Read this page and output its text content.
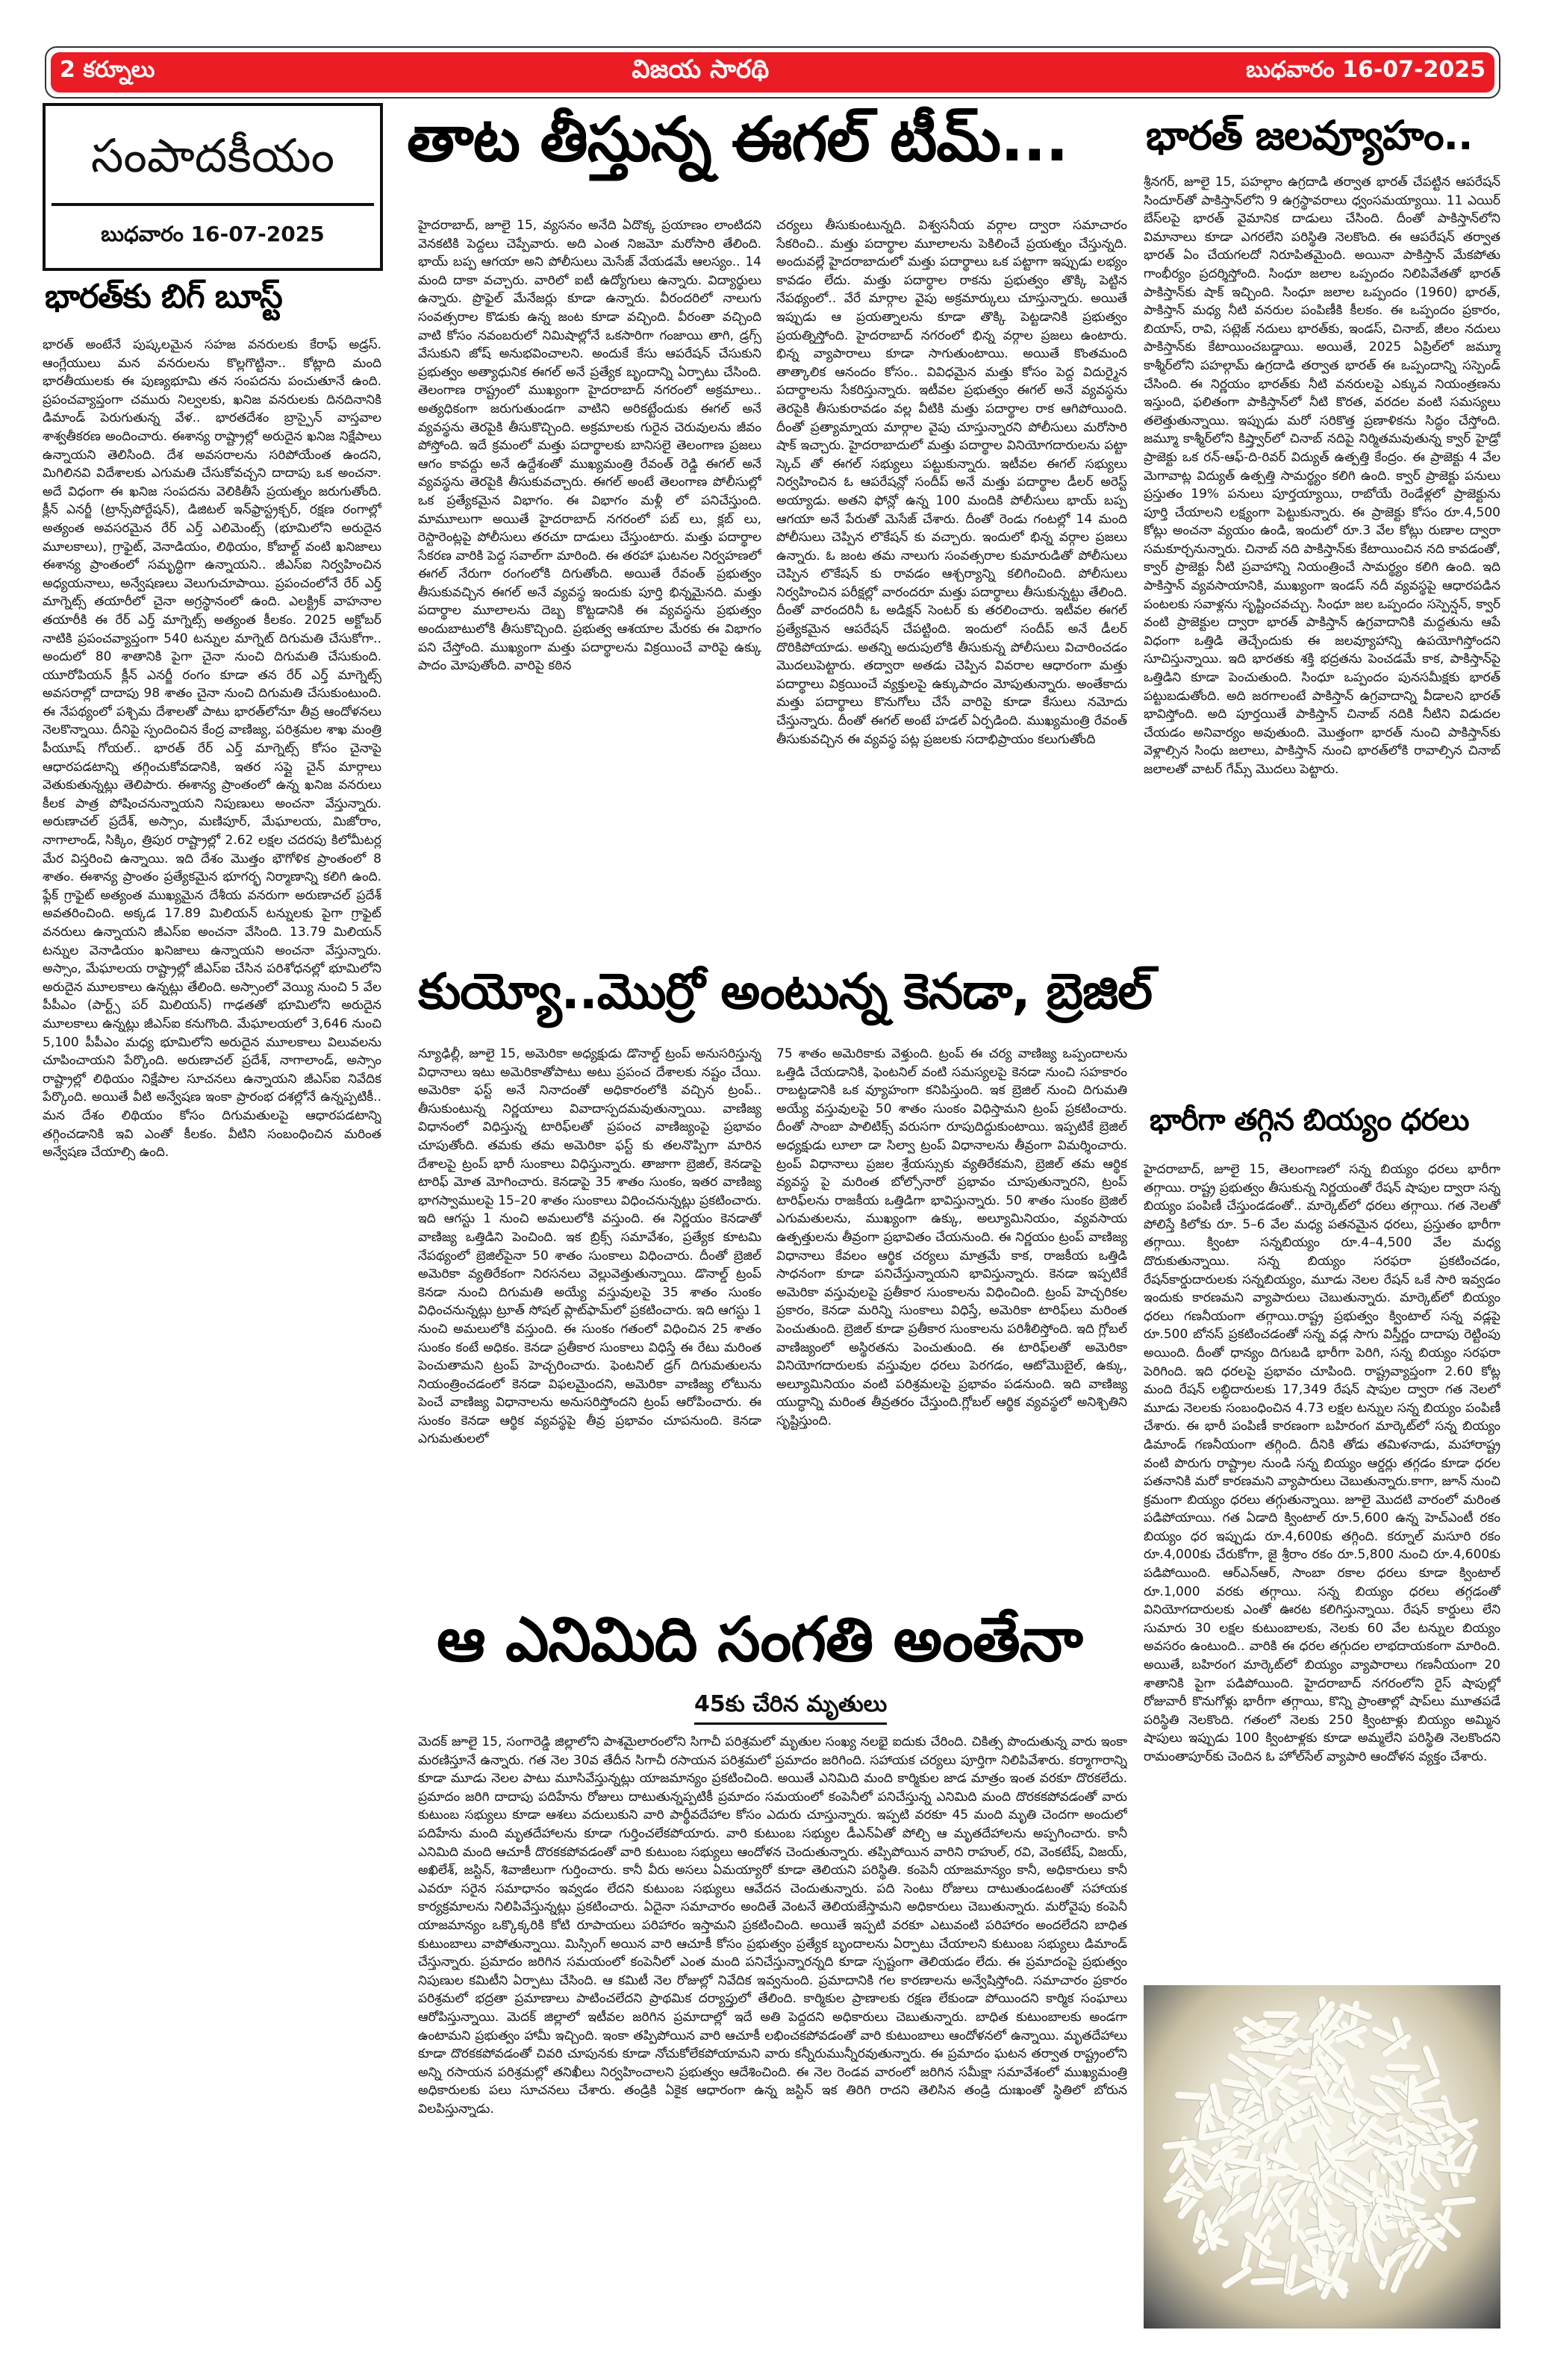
2 కర్నూలు	విజయ సారథి	బుధవారం 16-07-2025
సంపాదకీయం
బుధవారం 16-07-2025
భారత్‌కు బిగ్ బూస్ట్
భారత్ అంటేనే పుష్కలమైన సహజ వనరులకు కేరాఫ్ అడ్రస్. ఆంగ్లేయులు మన వనరులను కొల్లగొట్టినా.. కోట్లాది మంది భారతీయులకు ఈ పుణ్యభూమి తన సంపదను పంచుతూనే ఉంది. ప్రపంచవ్యాప్తంగా చమురు నిల్వలకు, ఖనిజ వనరులకు దినదినానికి డిమాండ్ పెరుగుతున్న వేళ.. భారతదేశం బ్రాస్పైన్ వాస్తవాల శాశ్వతీకరణ అందించారు. ఈశాన్య రాష్ట్రాల్లో అరుదైన ఖనిజ నిక్షేపాలు ఉన్నాయని తెలిసింది. దేశ అవసరాలను సరిపోయేంత ఉందని, మిగిలినవి విదేశాలకు ఎగుమతి చేసుకోవచ్చని దాదాపు ఒక అంచనా. అదే విధంగా ఈ ఖనిజ సంపదను వెలికితీసే ప్రయత్నం జరుగుతోంది. క్లీన్ ఎనర్జీ (ట్రాన్స్‌పోర్టేషన్), డిజిటల్ ఇన్‌ఫ్రాస్ట్రక్చర్, రక్షణ రంగాల్లో అత్యంత అవసరమైన రేర్ ఎర్త్ ఎలిమెంట్స్ (భూమిలోని అరుదైన మూలకాలు), గ్రాఫైట్, వెనాడియం, లిథియం, కోబాల్ట్ వంటి ఖనిజాలు ఈశాన్య ప్రాంతంలో సమృద్ధిగా ఉన్నాయని.. జీఎస్ఐ నిర్వహించిన అధ్యయనాలు, అన్వేషణలు వెలుగుచూపాయి. ప్రపంచంలోనే రేర్ ఎర్త్ మాగ్నెట్స్ తయారీలో చైనా అగ్రస్థానంలో ఉంది. ఎలక్ట్రిక్ వాహనాల తయారీకి ఈ రేర్ ఎర్త్ మాగ్నెట్స్ అత్యంత కీలకం. 2025 అక్టోబర్ నాటికి ప్రపంచవ్యాప్తంగా 540 టన్నుల మాగ్నెట్ దిగుమతి చేసుకోగా.. అందులో 80 శాతానికి పైగా చైనా నుంచి దిగుమతి చేసుకుంది. యూరోపియన్ క్లీన్ ఎనర్జీ రంగం కూడా తన రేర్ ఎర్త్ మాగ్నెట్స్ అవసరాల్లో దాదాపు 98 శాతం చైనా నుంచి దిగుమతి చేసుకుంటుంది. ఈ నేపథ్యంలో పశ్చిమ దేశాలతో పాటు భారత్‌లోనూ తీవ్ర ఆందోళనలు నెలకొన్నాయి. దీనిపై స్పందించిన కేంద్ర వాణిజ్య, పరిశ్రమల శాఖ మంత్రి పీయూష్ గోయల్.. భారత్ రేర్ ఎర్త్ మాగ్నెట్స్ కోసం చైనాపై ఆధారపడటాన్ని తగ్గించుకోవడానికి, ఇతర సప్లై చైన్ మార్గాలు వెతుకుతున్నట్లు తెలిపారు. ఈశాన్య ప్రాంతంలో ఉన్న ఖనిజ వనరులు కీలక పాత్ర పోషించనున్నాయని నిపుణులు అంచనా వేస్తున్నారు. అరుణాచల్ ప్రదేశ్, అస్సాం, మణిపూర్, మేఘాలయ, మిజోరాం, నాగాలాండ్, సిక్కిం, త్రిపుర రాష్ట్రాల్లో 2.62 లక్షల చదరపు కిలోమీటర్ల మేర విస్తరించి ఉన్నాయి. ఇది దేశం మొత్తం భౌగోళిక ప్రాంతంలో 8 శాతం. ఈశాన్య ప్రాంతం ప్రత్యేకమైన భూగర్భ నిర్మాణాన్ని కలిగి ఉంది. ఫ్లేక్ గ్రాఫైట్ అత్యంత ముఖ్యమైన దేశీయ వనరుగా అరుణాచల్ ప్రదేశ్ అవతరించింది. అక్కడ 17.89 మిలియన్ టన్నులకు పైగా గ్రాఫైట్ వనరులు ఉన్నాయని జీఎస్ఐ అంచనా వేసింది. 13.79 మిలియన్ టన్నుల వెనాడియం ఖనిజాలు ఉన్నాయని అంచనా వేస్తున్నారు. అస్సాం, మేఘాలయ రాష్ట్రాల్లో జీఎస్ఐ చేసిన పరిశోధనల్లో భూమిలోని అరుదైన మూలకాలు ఉన్నట్లు తేలింది. అస్సాంలో వెయ్యి నుంచి 5 వేల పీపీఎం (పార్ట్స్ పర్ మిలియన్) గాఢతతో భూమిలోని అరుదైన మూలకాలు ఉన్నట్లు జీఎస్ఐ కనుగొంది. మేఘాలయలో 3,646 నుంచి 5,100 పీపీఎం మధ్య భూమిలోని అరుదైన మూలకాలు విలువలను చూపించాయని పేర్కొంది. అరుణాచల్ ప్రదేశ్, నాగాలాండ్, అస్సాం రాష్ట్రాల్లో లిథియం నిక్షేపాల సూచనలు ఉన్నాయని జీఎస్ఐ నివేదిక పేర్కొంది. అయితే వీటి అన్వేషణ ఇంకా ప్రారంభ దశల్లోనే ఉన్నప్పటికీ.. మన దేశం లిథియం కోసం దిగుమతులపై ఆధారపడటాన్ని తగ్గించడానికి ఇవి ఎంతో కీలకం. వీటిని సంబంధించిన మరింత అన్వేషణ చేయాల్సి ఉంది.
తాట తీస్తున్న ఈగల్ టీమ్...
హైదరాబాద్, జూలై 15, వ్యసనం అనేది ఏదొక్క ప్రయాణం లాంటిదని వెనకటికి పెద్దలు చెప్పేవారు. అది ఎంత నిజమో మరోసారి తేలింది. భాయ్ బప్ప ఆగయా అని పోలీసులు మెసేజ్ వేయడమే ఆలస్యం.. 14 మంది దాకా వచ్చారు. వారిలో ఐటీ ఉద్యోగులు ఉన్నారు. విద్యార్థులు ఉన్నారు. ప్రొఫైల్ మేనేజర్లు కూడా ఉన్నారు. వీరందరిలో నాలుగు సంవత్సరాల కొడుకు ఉన్న జంట కూడా వచ్చింది. వీరంతా వచ్చింది వాటి కోసం నవంబరులో నిమిషాల్లోనే ఒకసారిగా గంజాయి తాగి, డ్రగ్స్ వేసుకుని జోష్ అనుభవించాలని. అందుకే కేసు ఆపరేషన్ చేసుకుని ప్రభుత్వం అత్యాధునిక ఈగల్ అనే ప్రత్యేక బృందాన్ని ఏర్పాటు చేసింది. తెలంగాణ రాష్ట్రంలో ముఖ్యంగా హైదరాబాద్ నగరంలో అక్రమాలు.. అత్యధికంగా జరుగుతుండగా వాటిని అరికట్టేందుకు ఈగల్ అనే వ్యవస్థను తెరపైకి తీసుకొచ్చింది. అక్రమాలకు గురైన చెరువులను జీవం పోస్తోంది. ఇదే క్రమంలో మత్తు పదార్థాలకు బానిసలై తెలంగాణ ప్రజలు ఆగం కావద్దు అనే ఉద్దేశంతో ముఖ్యమంత్రి రేవంత్ రెడ్డి ఈగల్ అనే వ్యవస్థను తెరపైకి తీసుకువచ్చారు. ఈగల్ అంటే తెలంగాణ పోలీసుల్లో ఒక ప్రత్యేకమైన విభాగం. ఈ విభాగం మళ్లీ లో పనిచేస్తుంది. మామూలుగా అయితే హైదరాబాద్ నగరంలో పబ్ లు, క్లబ్ లు, రెస్టారెంట్లపై పోలీసులు తరచూ దాడులు చేస్తుంటారు. మత్తు పదార్థాల సేకరణ వారికి పెద్ద సవాల్‌గా మారింది. ఈ తరహా ఘటనల నిర్వహణలో ఈగల్ నేరుగా రంగంలోకి దిగుతోంది. అయితే రేవంత్ ప్రభుత్వం తీసుకువచ్చిన ఈగల్ అనే వ్యవస్థ ఇందుకు పూర్తి భిన్నమైనది. మత్తు పదార్థాల మూలాలను దెబ్బ కొట్టడానికి ఈ వ్యవస్థను ప్రభుత్వం అందుబాటులోకి తీసుకొచ్చింది. ప్రభుత్వ ఆశయాల మేరకు ఈ విభాగం పని చేస్తోంది. ముఖ్యంగా మత్తు పదార్థాలను విక్రయించే వారిపై ఉక్కు పాదం మోపుతోంది. వారిపై కఠిన
చర్యలు తీసుకుంటున్నది. విశ్వసనీయ వర్గాల ద్వారా సమాచారం సేకరించి.. మత్తు పదార్థాల మూలాలను పెకిలించే ప్రయత్నం చేస్తున్నది. అందువల్లే హైదరాబాదులో మత్తు పదార్థాలు ఒక పట్టాగా ఇప్పుడు లభ్యం కావడం లేదు. మత్తు పదార్థాల రాకను ప్రభుత్వం తొక్కి పెట్టిన నేపథ్యంలో.. వేరే మార్గాల వైపు అక్రమార్కులు చూస్తున్నారు. అయితే ఇప్పుడు ఆ ప్రయత్నాలను కూడా తొక్కి పెట్టడానికి ప్రభుత్వం ప్రయత్నిస్తోంది. హైదరాబాద్ నగరంలో భిన్న వర్గాల ప్రజలు ఉంటారు. భిన్న వ్యాపారాలు కూడా సాగుతుంటాయి. అయితే కొంతమంది తాత్కాలిక ఆనందం కోసం.. వివిధమైన మత్తు కోసం పెద్ద విదుర్మైన పదార్థాలను సేకరిస్తున్నారు. ఇటీవల ప్రభుత్వం ఈగల్ అనే వ్యవస్థను తెరపైకి తీసుకురావడం వల్ల వీటికి మత్తు పదార్థాల రాక ఆగిపోయింది. దీంతో ప్రత్యామ్నాయ మార్గాల వైపు చూస్తున్నారని పోలీసులు మరోసారి షాక్ ఇచ్చారు. హైదరాబాదులో మత్తు పదార్థాల వినియోగదారులను పట్టా స్కెచ్ తో ఈగల్ సభ్యులు పట్టుకున్నారు. ఇటీవల ఈగల్ సభ్యులు నిర్వహించిన ఓ ఆపరేషన్లో సందీప్ అనే మత్తు పదార్థాల డీలర్ అరెస్ట్ అయ్యాడు. అతని ఫోన్లో ఉన్న 100 మందికి పోలీసులు భాయ్ బప్ప ఆగయా అనే పేరుతో మెసేజ్ చేశారు. దీంతో రెండు గంటల్లో 14 మంది పోలీసులు చెప్పిన లొకేషన్ కు వచ్చారు. ఇందులో భిన్న వర్గాల ప్రజలు ఉన్నారు. ఓ జంట తమ నాలుగు సంవత్సరాల కుమారుడితో పోలీసులు చెప్పిన లొకేషన్ కు రావడం ఆశ్చర్యాన్ని కలిగించింది. పోలీసులు నిర్వహించిన పరీక్షల్లో వారందరూ మత్తు పదార్థాలు తీసుకున్నట్టు తేలింది. దీంతో వారందరినీ ఓ అడిక్షన్ సెంటర్ కు తరలించారు. ఇటీవల ఈగల్ ప్రత్యేకమైన ఆపరేషన్ చేపట్టింది. ఇందులో సందీప్ అనే డీలర్ దొరికిపోయాడు. అతన్ని అదుపులోకి తీసుకున్న పోలీసులు విచారించడం మొదలుపెట్టారు. తద్వారా అతడు చెప్పిన వివరాల ఆధారంగా మత్తు పదార్థాలు విక్రయించే వ్యక్తులపై ఉక్కుపాదం మోపుతున్నారు. అంతేకాదు మత్తు పదార్థాలు కొనుగోలు చేసే వారిపై కూడా కేసులు నమోదు చేస్తున్నారు. దీంతో ఈగల్ అంటే హడల్ ఏర్పడింది. ముఖ్యమంత్రి రేవంత్ తీసుకువచ్చిన ఈ వ్యవస్థ పట్ల ప్రజలకు సదాభిప్రాయం కలుగుతోంది
కుయ్యో..మొర్రో అంటున్న కెనడా, బ్రెజిల్
న్యూఢిల్లీ, జూలై 15, అమెరికా అధ్యక్షుడు డొనాల్డ్ ట్రంప్ అనుసరిస్తున్న విధానాలు ఇటు అమెరికాతోపాటు అటు ప్రపంచ దేశాలకు నష్టం చేయి. అమెరికా ఫస్ట్ అనే నినాదంతో అధికారంలోకి వచ్చిన ట్రంప్.. తీసుకుంటున్న నిర్ణయాలు వివాదాస్పదమవుతున్నాయి. వాణిజ్య విధానంలో విధిస్తున్న టారిఫ్‌లతో ప్రపంచ వాణిజ్యంపై ప్రభావం చూపుతోంది. తమకు తమ అమెరికా ఫస్ట్ కు తలనొప్పిగా మారిన దేశాలపై ట్రంప్ భారీ సుంకాలు విధిస్తున్నారు. తాజాగా బ్రెజిల్, కెనడాపై టారిఫ్ మోత మోగించారు. కెనడాపై 35 శాతం సుంకం, ఇతర వాణిజ్య భాగస్వాములపై 15–20 శాతం సుంకాలు విధించనున్నట్లు ప్రకటించారు. ఇది ఆగస్టు 1 నుంచి అమలులోకి వస్తుంది. ఈ నిర్ణయం కెనడాతో వాణిజ్య ఒత్తిడిని పెంచింది. ఇక బ్రిక్స్ సమావేశం, ప్రత్యేక కూటమి నేపథ్యంలో బ్రెజిల్‌పైనా 50 శాతం సుంకాలు విధించారు. దీంతో బ్రెజిల్ అమెరికా వ్యతిరేకంగా నిరసనలు వెల్లువెత్తుతున్నాయి. డొనాల్డ్ ట్రంప్ కెనడా నుంచి దిగుమతి అయ్యే వస్తువులపై 35 శాతం సుంకం విధించనున్నట్లు ట్రూత్ సోషల్ ప్లాట్‌ఫామ్‌లో ప్రకటించారు. ఇది ఆగస్టు 1 నుంచి అమలులోకి వస్తుంది. ఈ సుంకం గతంలో విధించిన 25 శాతం సుంకం కంటే అధికం. కెనడా ప్రతీకార సుంకాలు విధిస్తే ఈ రేటు మరింత పెంచుతామని ట్రంప్ హెచ్చరించారు. ఫెంటనిల్ డ్రగ్ దిగుమతులను నియంత్రించడంలో కెనడా విఫలమైందని, అమెరికా వాణిజ్య లోటును పెంచే వాణిజ్య విధానాలను అనుసరిస్తోందని ట్రంప్ ఆరోపించారు. ఈ సుంకం కెనడా ఆర్థిక వ్యవస్థపై తీవ్ర ప్రభావం చూపనుంది. కెనడా ఎగుమతులలో
75 శాతం అమెరికాకు వెళ్తుంది. ట్రంప్ ఈ చర్య వాణిజ్య ఒప్పందాలను ఒత్తిడి చేయడానికి, ఫెంటనిల్ వంటి సమస్యలపై కెనడా నుంచి సహకారం రాబట్టడానికి ఒక వ్యూహంగా కనిపిస్తుంది. ఇక బ్రెజిల్ నుంచి దిగుమతి అయ్యే వస్తువులపై 50 శాతం సుంకం విధిస్తామని ట్రంప్ ప్రకటించారు. దీంతో సాంబా పాలిటిక్స్ వరుసగా రూపుదిద్దుకుంటాయి. ఇప్పటికే బ్రెజిల్ అధ్యక్షుడు లూలా డా సిల్వా ట్రంప్ విధానాలను తీవ్రంగా విమర్శించారు. ట్రంప్ విధానాలు ప్రజల శ్రేయస్సుకు వ్యతిరేకమని, బ్రెజిల్ తమ ఆర్థిక వ్యవస్థ పై మరింత బోల్సోనారో ప్రభావం చూపుతున్నారని, ట్రంప్ టారిఫ్‌లను రాజకీయ ఒత్తిడిగా భావిస్తున్నారు. 50 శాతం సుంకం బ్రెజిల్ ఎగుమతులను, ముఖ్యంగా ఉక్కు, అల్యూమినియం, వ్యవసాయ ఉత్పత్తులను తీవ్రంగా ప్రభావితం చేయనుంది. ఈ నిర్ణయం ట్రంప్ వాణిజ్య విధానాలు కేవలం ఆర్థిక చర్యలు మాత్రమే కాక, రాజకీయ ఒత్తిడి సాధనంగా కూడా పనిచేస్తున్నాయని భావిస్తున్నారు. కెనడా ఇప్పటికే అమెరికా వస్తువులపై ప్రతీకార సుంకాలను విధించింది. ట్రంప్ హెచ్చరికల ప్రకారం, కెనడా మరిన్ని సుంకాలు విధిస్తే, అమెరికా టారిఫ్‌లు మరింత పెంచుతుంది. బ్రెజిల్ కూడా ప్రతీకార సుంకాలను పరిశీలిస్తోంది. ఇది గ్లోబల్ వాణిజ్యంలో అస్థిరతను పెంచుతుంది. ఈ టారిఫ్‌లతో అమెరికా వినియోగదారులకు వస్తువుల ధరలు పెరగడం, ఆటోమొబైల్, ఉక్కు, అల్యూమినియం వంటి పరిశ్రమలపై ప్రభావం పడనుంది. ఇది వాణిజ్య యుద్ధాన్ని మరింత తీవ్రతరం చేస్తుంది.గ్లోబల్ ఆర్థిక వ్యవస్థలో అనిశ్చితిని సృష్టిస్తుంది.
ఆ ఎనిమిది సంగతి అంతేనా
45కు చేరిన మృతులు
మెదక్ జూలై 15, సంగారెడ్డి జిల్లాలోని పాశమైలారంలోని సిగాచీ పరిశ్రమలో మృతుల సంఖ్య నలభై ఐదుకు చేరింది. చికిత్స పొందుతున్న వారు ఇంకా మరణిస్తూనే ఉన్నారు. గత నెల 30వ తేదీన సిగాచీ రసాయన పరిశ్రమలో ప్రమాదం జరిగింది. సహాయక చర్యలు పూర్తిగా నిలిపివేశారు. కర్మాగారాన్ని కూడా మూడు నెలల పాటు మూసివేస్తున్నట్లు యాజమాన్యం ప్రకటించింది. అయితే ఎనిమిది మంది కార్మికుల జాడ మాత్రం ఇంత వరకూ దొరకలేదు. ప్రమాదం జరిగి దాదాపు పదిహేను రోజులు దాటుతున్నప్పటికీ ప్రమాదం సమయంలో కంపెనీలో పనిచేస్తున్న ఎనిమిది మంది దొరకకపోవడంతో వారు కుటుంబ సభ్యులు కూడా ఆశలు వదులుకుని వారి పార్థీవదేహాల కోసం ఎదురు చూస్తున్నారు. ఇప్పటి వరకూ 45 మంది మృతి చెందగా అందులో పదిహేను మంది మృతదేహాలను కూడా గుర్తించలేకపోయారు. వారి కుటుంబ సభ్యుల డీఎన్ఏతో పోల్చి ఆ మృతదేహాలను అప్పగించారు. కానీ ఎనిమిది మంది ఆచూకీ దొరకకపోవడంతో వారి కుటుంబ సభ్యులు ఆందోళన చెందుతున్నారు. తప్పిపోయిన వారిని రాహుల్, రవి, వెంకటేష్, విజయ్, అఖిలేశ్, జస్టిన్, శివాజీలుగా గుర్తించారు. కానీ వీరు అసలు ఏమయ్యారో కూడా తెలియని పరిస్థితి. కంపెనీ యాజమాన్యం కానీ, అధికారులు కానీ ఎవరూ సరైన సమాధానం ఇవ్వడం లేదని కుటుంబ సభ్యులు ఆవేదన చెందుతున్నారు. పది సెంటు రోజులు దాటుతుండటంతో సహాయక కార్యక్రమాలను నిలిపివేస్తున్నట్లు ప్రకటించారు. ఏదైనా సమాచారం అందితే వెంటనే తెలియజేస్తామని అధికారులు చెబుతున్నారు. మరోవైపు కంపెనీ యాజమాన్యం ఒక్కొక్కరికి కోటి రూపాయలు పరిహారం ఇస్తామని ప్రకటించింది. అయితే ఇప్పటి వరకూ ఎటువంటి పరిహారం అందలేదని బాధిత కుటుంబాలు వాపోతున్నాయి. మిస్సింగ్ అయిన వారి ఆచూకీ కోసం ప్రభుత్వం ప్రత్యేక బృందాలను ఏర్పాటు చేయాలని కుటుంబ సభ్యులు డిమాండ్ చేస్తున్నారు. ప్రమాదం జరిగిన సమయంలో కంపెనీలో ఎంత మంది పనిచేస్తున్నారన్నది కూడా స్పష్టంగా తెలియడం లేదు. ఈ ప్రమాదంపై ప్రభుత్వం నిపుణుల కమిటీని ఏర్పాటు చేసింది. ఆ కమిటీ నెల రోజుల్లో నివేదిక ఇవ్వనుంది. ప్రమాదానికి గల కారణాలను అన్వేషిస్తోంది. సమాచారం ప్రకారం పరిశ్రమలో భద్రతా ప్రమాణాలు పాటించలేదని ప్రాథమిక దర్యాప్తులో తేలింది. కార్మికుల ప్రాణాలకు రక్షణ లేకుండా పోయిందని కార్మిక సంఘాలు ఆరోపిస్తున్నాయి. మెదక్ జిల్లాలో ఇటీవల జరిగిన ప్రమాదాల్లో ఇదే అతి పెద్దదని అధికారులు చెబుతున్నారు. బాధిత కుటుంబాలకు అండగా ఉంటామని ప్రభుత్వం హామీ ఇచ్చింది. ఇంకా తప్పిపోయిన వారి ఆచూకీ లభించకపోవడంతో వారి కుటుంబాలు ఆందోళనలో ఉన్నాయి. మృతదేహాలు కూడా దొరకకపోవడంతో చివరి చూపునకు కూడా నోచుకోలేకపోయామని వారు కన్నీరుమున్నీరవుతున్నారు. ఈ ప్రమాదం ఘటన తర్వాత రాష్ట్రంలోని అన్ని రసాయన పరిశ్రమల్లో తనిఖీలు నిర్వహించాలని ప్రభుత్వం ఆదేశించింది. ఈ నెల రెండవ వారంలో జరిగిన సమీక్షా సమావేశంలో ముఖ్యమంత్రి అధికారులకు పలు సూచనలు చేశారు. తండ్రికి ఏకైక ఆధారంగా ఉన్న జస్టిన్ ఇక తిరిగి రాదని తెలిసిన తండ్రి దుఃఖంతో స్థితిలో బోరున విలపిస్తున్నాడు.
భారత్ జలవ్యూహం..
శ్రీనగర్, జూలై 15, పహల్గాం ఉగ్రదాడి తర్వాత భారత్ చేపట్టిన ఆపరేషన్ సిందూర్‌తో పాకిస్తాన్‌లోని 9 ఉగ్రస్థావరాలు ధ్వంసమయ్యాయి. 11 ఎయిర్ బేస్‌లపై భారత్ వైమానిక దాడులు చేసింది. దీంతో పాకిస్తాన్‌లోని విమానాలు కూడా ఎగరలేని పరిస్థితి నెలకొంది. ఈ ఆపరేషన్ తర్వాత భారత్ ఏం చేయగలదో నిరూపితమైంది. అయినా పాకిస్తాన్ మేకపోతు గాంభీర్యం ప్రదర్శిస్తోంది. సింధూ జలాల ఒప్పందం నిలిపివేతతో భారత్ పాకిస్తాన్‌కు షాక్ ఇచ్చింది. సింధూ జలాల ఒప్పందం (1960) భారత్‌, పాకిస్తాన్ మధ్య నీటి వనరుల పంపిణీకి కీలకం. ఈ ఒప్పందం ప్రకారం, బియాస్, రావి, సట్లెజ్ నదులు భారత్‌కు, ఇండస్, చినాబ్, జీలం నదులు పాకిస్తాన్‌కు కేటాయించబడ్డాయి. అయితే, 2025 ఏప్రిల్‌లో జమ్మూ కాశ్మీర్‌లోని పహల్గామ్ ఉగ్రదాడి తర్వాత భారత్ ఈ ఒప్పందాన్ని సస్పెండ్ చేసింది. ఈ నిర్ణయం భారత్‌కు నీటి వనరులపై ఎక్కువ నియంత్రణను ఇస్తుంది, ఫలితంగా పాకిస్తాన్‌లో నీటి కొరత, వరదల వంటి సమస్యలు తలెత్తుతున్నాయి. ఇప్పుడు మరో సరికొత్త ప్రణాళికను సిద్ధం చేస్తోంది. జమ్మూ కాశ్మీర్‌లోని కిష్త్వార్‌లో చినాబ్ నదిపై నిర్మితమవుతున్న క్వార్ హైడ్రో ప్రాజెక్టు ఒక రన్-ఆఫ్-ది-రివర్ విద్యుత్ ఉత్పత్తి కేంద్రం. ఈ ప్రాజెక్టు 4 వేల మెగావాట్ల విద్యుత్ ఉత్పత్తి సామర్థ్యం కలిగి ఉంది. క్వార్ ప్రాజెక్టు పనులు ప్రస్తుతం 19% పనులు పూర్తయ్యాయి, రాబోయే రెండేళ్లలో ప్రాజెక్టును పూర్తి చేయాలని లక్ష్యంగా పెట్టుకున్నారు. ఈ ప్రాజెక్టు కోసం రూ.4,500 కోట్లు అంచనా వ్యయం ఉండి, ఇందులో రూ.3 వేల కోట్లు రుణాల ద్వారా సమకూర్చనున్నారు. చినాబ్ నది పాకిస్తాన్‌కు కేటాయించిన నది కావడంతో, క్వార్ ప్రాజెక్టు నీటి ప్రవాహాన్ని నియంత్రించే సామర్థ్యం కలిగి ఉంది. ఇది పాకిస్తాన్ వ్యవసాయానికి, ముఖ్యంగా ఇండస్ నదీ వ్యవస్థపై ఆధారపడిన పంటలకు సవాళ్లను సృష్టించవచ్చు. సింధూ జల ఒప్పందం సస్పెన్షన్, క్వార్ వంటి ప్రాజెక్టుల ద్వారా భారత్ పాకిస్తాన్ ఉగ్రవాదానికి మద్దతును ఆపే విధంగా ఒత్తిడి తెచ్చేందుకు ఈ జలవ్యూహాన్ని ఉపయోగిస్తోందని సూచిస్తున్నాయి. ఇది భారతకు శక్తి భద్రతను పెంచడమే కాక, పాకిస్తాన్‌పై ఒత్తిడిని కూడా పెంచుతుంది. సింధూ ఒప్పందం పునసమీక్షకు భారత్ పట్టుబడుతోంది. అది జరగాలంటే పాకిస్తాన్ ఉగ్రవాదాన్ని వీడాలని భారత్ భావిస్తోంది. అది పూర్తయితే పాకిస్తాన్ చినాబ్ నదికి నీటిని విడుదల చేయడం అనివార్యం అవుతుంది. మొత్తంగా భారత్ నుంచి పాకిస్తాన్‌కు వెళ్లాల్సిన సింధు జలాలు, పాకిస్తాన్ నుంచి భారత్‌లోకి రావాల్సిన చినాబ్ జలాలతో వాటర్ గేమ్స్ మొదలు పెట్టారు.
భారీగా తగ్గిన బియ్యం ధరలు
హైదరాబాద్, జూలై 15, తెలంగాణలో సన్న బియ్యం ధరలు భారీగా తగ్గాయి. రాష్ట్ర ప్రభుత్వం తీసుకున్న నిర్ణయంతో రేషన్ షాపుల ద్వారా సన్న బియ్యం పంపిణీ చేస్తుండడంతో.. మార్కెట్‌లో ధరలు తగ్గాయి. గత నెలతో పోలిస్తే కిలోకు రూ. 5–6 వేల మధ్య పతనమైన ధరలు, ప్రస్తుతం భారీగా తగ్గాయి. క్వింటా సన్నబియ్యం రూ.4–4,500 వేల మధ్య దొరుకుతున్నాయి. సన్న బియ్యం సరఫరా ప్రకటించడం, రేషన్‌కార్డుదారులకు సన్నబియ్యం, మూడు నెలల రేషన్ ఒకే సారి ఇవ్వడం ఇందుకు కారణమని వ్యాపారులు చెబుతున్నారు. మార్కెట్‌లో బియ్యం ధరలు గణనీయంగా తగ్గాయి.రాష్ట్ర ప్రభుత్వం క్వింటాల్ సన్న వడ్లపై రూ.500 బోనస్ ప్రకటించడంతో సన్న వడ్ల సాగు విస్తీర్ణం దాదాపు రెట్టింపు అయింది. దీంతో ధాన్యం దిగుబడి భారీగా పెరిగి, సన్న బియ్యం సరఫరా పెరిగింది. ఇది ధరలపై ప్రభావం చూపింది. రాష్ట్రవ్యాప్తంగా 2.60 కోట్ల మంది రేషన్ లబ్ధిదారులకు 17,349 రేషన్ షాపుల ద్వారా గత నెలలో మూడు నెలలకు సంబంధించిన 4.73 లక్షల టన్నుల సన్న బియ్యం పంపిణీ చేశారు. ఈ భారీ పంపిణీ కారణంగా బహిరంగ మార్కెట్‌లో సన్న బియ్యం డిమాండ్ గణనీయంగా తగ్గింది. దీనికి తోడు తమిళనాడు, మహారాష్ట్ర వంటి పొరుగు రాష్ట్రాల నుండి సన్న బియ్యం ఆర్డర్లు తగ్గడం కూడా ధరల పతనానికి మరో కారణమని వ్యాపారులు చెబుతున్నారు.కాగా, జూన్ నుంచి క్రమంగా బియ్యం ధరలు తగ్గుతున్నాయి. జూలై మొదటి వారంలో మరింత పడిపోయాయి. గత ఏడాది క్వింటాల్ రూ.5,600 ఉన్న హెచ్ఎంటీ రకం బియ్యం ధర ఇప్పుడు రూ.4,600కు తగ్గింది. కర్నూల్ మసూరి రకం రూ.4,000కు చేరుకోగా, జై శ్రీరాం రకం రూ.5,800 నుంచి రూ.4,600కు పడిపోయింది. ఆర్‌ఎన్ఆర్, సాంబా రకాల ధరలు కూడా క్వింటాల్ రూ.1,000 వరకు తగ్గాయి. సన్న బియ్యం ధరలు తగ్గడంతో వినియోగదారులకు ఎంతో ఊరట కలిగిస్తున్నాయి. రేషన్ కార్డులు లేని సుమారు 30 లక్షల కుటుంబాలకు, నెలకు 60 వేల టన్నుల బియ్యం అవసరం ఉంటుంది.. వారికి ఈ ధరల తగ్గుదల లాభదాయకంగా మారింది. అయితే, బహిరంగ మార్కెట్‌లో బియ్యం వ్యాపారాలు గణనీయంగా 20 శాతానికి పైగా పడిపోయింది. హైదరాబాద్ నగరంలోని రైస్ షాపుల్లో రోజువారీ కొనుగోళ్లు భారీగా తగ్గాయి, కొన్ని ప్రాంతాల్లో షాప్‌లు మూతపడే పరిస్థితి నెలకొంది. గతంలో నెలకు 250 క్వింటాళ్లు బియ్యం అమ్మిన షాపులు ఇప్పుడు 100 క్వింటాళ్లకు కూడా అమ్మలేని పరిస్థితి నెలకొందని రామంతాపూర్‌కు చెందిన ఓ హోల్‌సేల్ వ్యాపారి ఆందోళన వ్యక్తం చేశారు.
